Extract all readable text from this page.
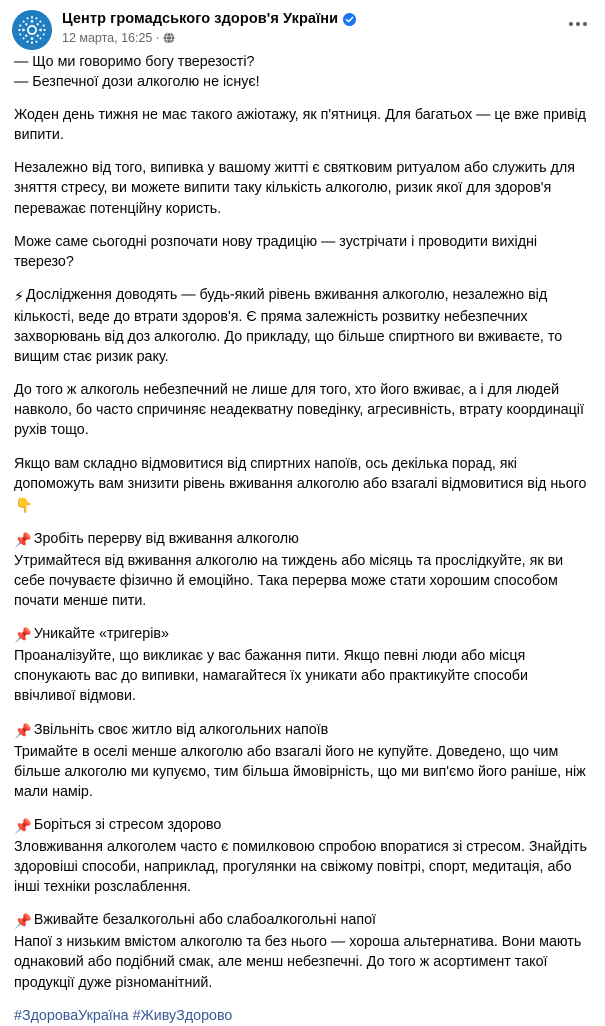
Центр громадського здоров'я України
12 марта, 16:25 ·

— Що ми говоримо богу тверезості?
— Безпечної дози алкоголю не існує!

Жоден день тижня не має такого ажіотажу, як п'ятниця. Для багатьох — це вже привід випити.

Незалежно від того, випивка у вашому житті є святковим ритуалом або служить для зняття стресу, ви можете випити таку кількість алкоголю, ризик якої для здоров'я переважає потенційну користь.

Може саме сьогодні розпочати нову традицію — зустрічати і проводити вихідні тверезо?

⚡ Дослідження доводять — будь-який рівень вживання алкоголю, незалежно від кількості, веде до втрати здоров'я. Є пряма залежність розвитку небезпечних захворювань від доз алкоголю. До прикладу, що більше спиртного ви вживаєте, то вищим стає ризик раку.

До того ж алкоголь небезпечний не лише для того, хто його вживає, а і для людей навколо, бо часто спричиняє неадекватну поведінку, агресивність, втрату координації рухів тощо.

Якщо вам складно відмовитися від спиртних напоїв, ось декілька порад, які допоможуть вам знизити рівень вживання алкоголю або взагалі відмовитися від нього👇

📌 Зробіть перерву від вживання алкоголю

Утримайтеся від вживання алкоголю на тиждень або місяць та прослідкуйте, як ви себе почуваєте фізично й емоційно. Така перерва може стати хорошим способом почати менше пити.

📌 Уникайте «тригерів»

Проаналізуйте, що викликає у вас бажання пити. Якщо певні люди або місця спонукають вас до випивки, намагайтеся їх уникати або практикуйте способи ввічливої відмови.

📌 Звільніть своє житло від алкогольних напоїв

Тримайте в оселі менше алкоголю або взагалі його не купуйте. Доведено, що чим більше алкоголю ми купуємо, тим більша ймовірність, що ми вип'ємо його раніше, ніж мали намір.

📌 Боріться зі стресом здорово

Зловживання алкоголем часто є помилковою спробою впоратися зі стресом. Знайдіть здоровіші способи, наприклад, прогулянки на свіжому повітрі, спорт, медитація, або інші техніки розслаблення.

📌 Вживайте безалкогольні або слабоалкогольні напої

Напої з низьким вмістом алкоголю та без нього — хороша альтернатива. Вони мають однаковий або подібний смак, але менш небезпечні. До того ж асортимент такої продукції дуже різноманітний.

#ЗдороваУкраїна #ЖивуЗдорово
